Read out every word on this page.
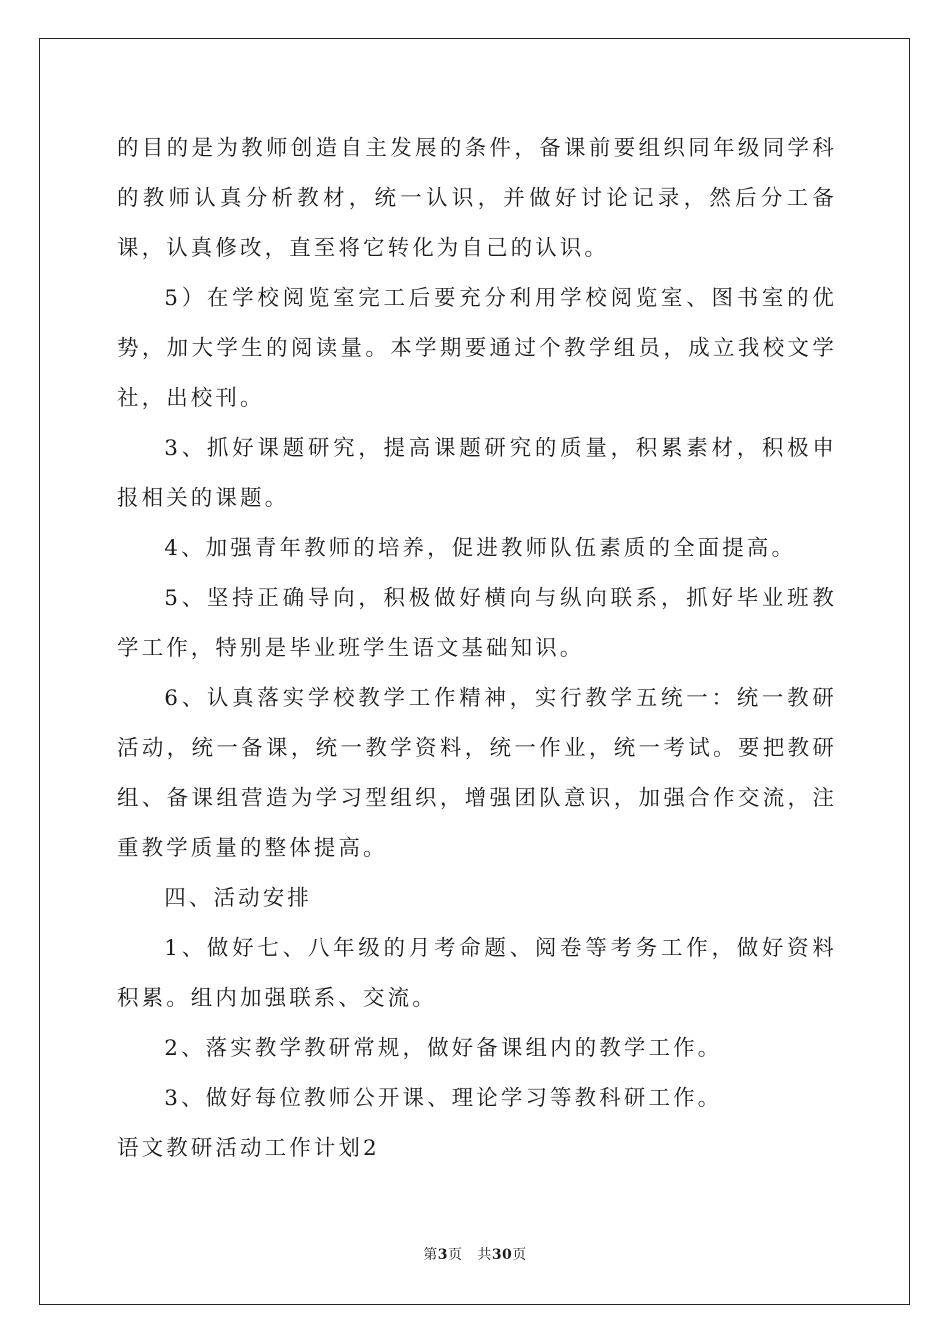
的目的是为教师创造自主发展的条件，备课前要组织同年级同学科的教师认真分析教材，统一认识，并做好讨论记录，然后分工备课，认真修改，直至将它转化为自己的认识。

5）在学校阅览室完工后要充分利用学校阅览室、图书室的优势，加大学生的阅读量。本学期要通过个教学组员，成立我校文学社，出校刊。

3、抓好课题研究，提高课题研究的质量，积累素材，积极申报相关的课题。

4、加强青年教师的培养，促进教师队伍素质的全面提高。

5、坚持正确导向，积极做好横向与纵向联系，抓好毕业班教学工作，特别是毕业班学生语文基础知识。

6、认真落实学校教学工作精神，实行教学五统一：统一教研活动，统一备课，统一教学资料，统一作业，统一考试。要把教研组、备课组营造为学习型组织，增强团队意识，加强合作交流，注重教学质量的整体提高。

四、活动安排

1、做好七、八年级的月考命题、阅卷等考务工作，做好资料积累。组内加强联系、交流。

2、落实教学教研常规，做好备课组内的教学工作。

3、做好每位教师公开课、理论学习等教科研工作。

语文教研活动工作计划2

第3页 共30页
